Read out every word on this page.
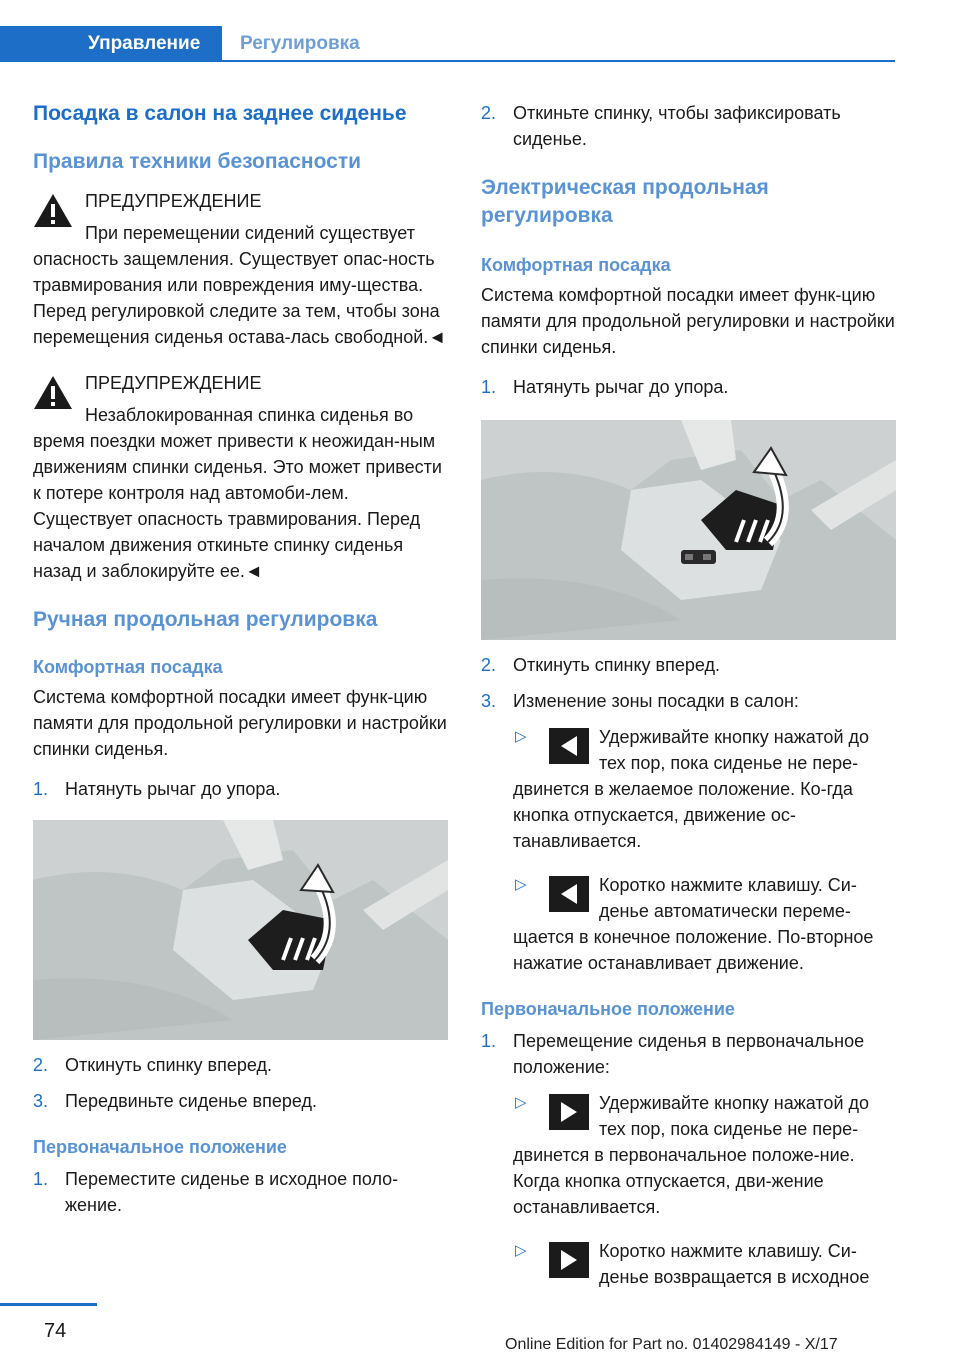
Управление	Регулировка
Посадка в салон на заднее сиденье
Правила техники безопасности
ПРЕДУПРЕЖДЕНИЕ
При перемещении сидений существует
опасность защемления. Существует опас-ность травмирования или повреждения иму-щества. Перед регулировкой следите за тем, чтобы зона перемещения сиденья остава-лась свободной.◄
ПРЕДУПРЕЖДЕНИЕ
Незаблокированная спинка сиденья во
время поездки может привести к неожидан-ным движениям спинки сиденья. Это может привести к потере контроля над автомоби-лем. Существует опасность травмирования. Перед началом движения откиньте спинку сиденья назад и заблокируйте ее.◄
Ручная продольная регулировка
Комфортная посадка
Система комфортной посадки имеет функ-цию памяти для продольной регулировки и настройки спинки сиденья.
1. Натянуть рычаг до упора.
2. Откинуть спинку вперед.
3. Передвиньте сиденье вперед.
Первоначальное положение
1. Переместите сиденье в исходное поло-жение.
2. Откиньте спинку, чтобы зафиксировать сиденье.
Электрическая продольная регулировка
Комфортная посадка
Система комфортной посадки имеет функ-цию памяти для продольной регулировки и настройки спинки сиденья.
1. Натянуть рычаг до упора.
2. Откинуть спинку вперед.
3. Изменение зоны посадки в салон:
▷	Удерживайте кнопку нажатой до тех пор, пока сиденье не пере- двинется в желаемое положение. Ко-гда кнопка отпускается, движение ос-танавливается.
▷	Коротко нажмите клавишу. Си-деньe автоматически переме- щается в конечное положение. По-вторное нажатие останавливает движение.
Первоначальное положение
1. Перемещение сиденья в первоначальное положение:
▷	Удерживайте кнопку нажатой до тех пор, пока сиденье не пере- двинется в первоначальное положе-ние. Когда кнопка отпускается, дви-жение останавливается.
▷	Коротко нажмите клавишу. Си-деньe возвращается в исходное
74
Online Edition for Part no. 01402984149 - X/17
